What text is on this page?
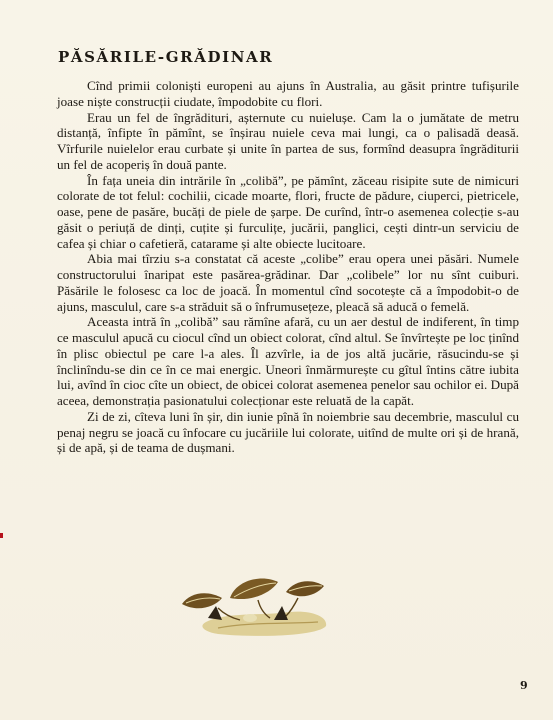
PĂSĂRILE-GRĂDINAR

Cînd primii coloniști europeni au ajuns în Australia, au găsit printre tufișurile joase niște construcții ciudate, împodobite cu flori.

Erau un fel de îngrădituri, așternute cu nuielușe. Cam la o jumătate de metru distanță, înfipte în pămînt, se înșirau nuiele ceva mai lungi, ca o palisadă deasă. Vîrfurile nuielelor erau curbate și unite în partea de sus, formînd deasupra îngrăditurii un fel de acoperiș în două pante.

În fața uneia din intrările în „colibă”, pe pămînt, zăceau risipite sute de nimicuri colorate de tot felul: cochilii, cicade moarte, flori, fructe de pădure, ciuperci, pietricele, oase, pene de pasăre, bucăți de piele de șarpe. De curînd, într-o asemenea colecție s-au găsit o periuță de dinți, cuțite și furculițe, jucării, panglici, cești dintr-un serviciu de cafea și chiar o cafetieră, catarame și alte obiecte lucitoare.

Abia mai tîrziu s-a constatat că aceste „colibe” erau opera unei păsări. Numele constructorului înaripat este pasărea-grădinar. Dar „colibele” lor nu sînt cuiburi. Păsările le folosesc ca loc de joacă. În momentul cînd socotește că a împodobit-o de ajuns, masculul, care s-a străduit să o înfrumusețeze, pleacă să aducă o femelă.

Aceasta intră în „colibă” sau rămîne afară, cu un aer destul de indiferent, în timp ce masculul apucă cu ciocul cînd un obiect colorat, cînd altul. Se învîrtește pe loc ținînd în plisc obiectul pe care l-a ales. Îl azvîrle, ia de jos altă jucărie, răsucindu-se și înclinîndu-se din ce în ce mai energic. Uneori înmărmurește cu gîtul întins către iubita lui, avînd în cioc cîte un obiect, de obicei colorat asemenea penelor sau ochilor ei. După aceea, demonstrația pasionatului colecționar este reluată de la capăt.

Zi de zi, cîteva luni în șir, din iunie pînă în noiembrie sau decembrie, masculul cu penaj negru se joacă cu înfocare cu jucăriile lui colorate, uitînd de multe ori și de hrană, și de apă, și de teama de dușmani.

9
